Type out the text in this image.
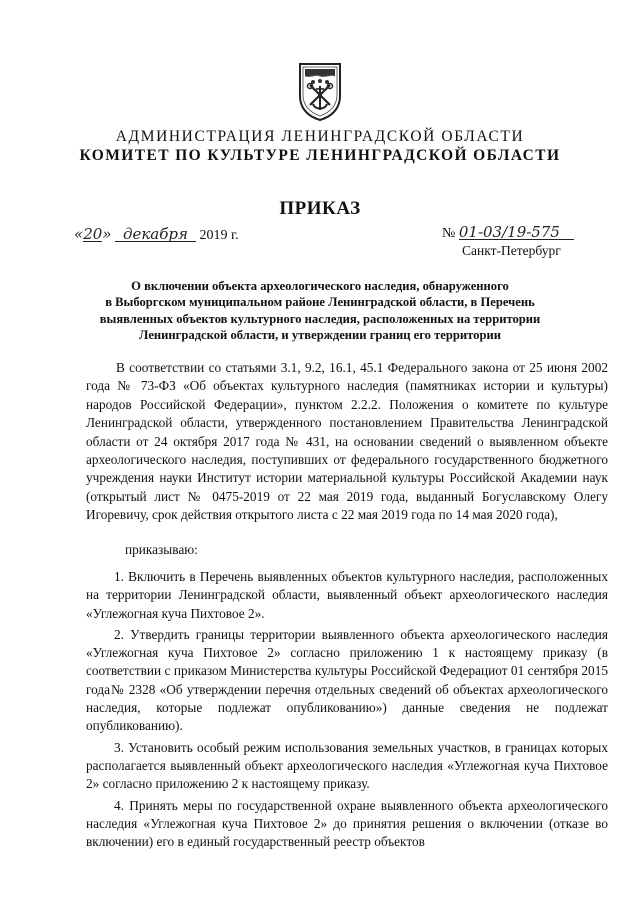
АДМИНИСТРАЦИЯ ЛЕНИНГРАДСКОЙ ОБЛАСТИ
КОМИТЕТ ПО КУЛЬТУРЕ ЛЕНИНГРАДСКОЙ ОБЛАСТИ
ПРИКАЗ
«20» декабря 2019 г.	№ 01-03/19-575
Санкт-Петербург
О включении объекта археологического наследия, обнаруженного
в Выборгском муниципальном районе Ленинградской области, в Перечень
выявленных объектов культурного наследия, расположенных на территории
Ленинградской области, и утверждении границ его территории
В соответствии со статьями 3.1, 9.2, 16.1, 45.1 Федерального закона от 25 июня 2002 года № 73-ФЗ «Об объектах культурного наследия (памятниках истории и культуры) народов Российской Федерации», пунктом 2.2.2. Положения о комитете по культуре Ленинградской области, утвержденного постановлением Правительства Ленинградской области от 24 октября 2017 года № 431, на основании сведений о выявленном объекте археологического наследия, поступивших от федерального государственного бюджетного учреждения науки Институт истории материальной культуры Российской Академии наук (открытый лист № 0475-2019 от 22 мая 2019 года, выданный Богуславскому Олегу Игоревичу, срок действия открытого листа с 22 мая 2019 года по 14 мая 2020 года),
приказываю:
1. Включить в Перечень выявленных объектов культурного наследия, расположенных на территории Ленинградской области, выявленный объект археологического наследия «Углежогная куча Пихтовое 2».
2. Утвердить границы территории выявленного объекта археологического наследия «Углежогная куча Пихтовое 2» согласно приложению 1 к настоящему приказу (в соответствии с приказом Министерства культуры Российской Федерациот 01 сентября 2015 года№ 2328 «Об утверждении перечня отдельных сведений об объектах археологического наследия, которые подлежат опубликованию») данные сведения не подлежат опубликованию).
3. Установить особый режим использования земельных участков, в границах которых располагается выявленный объект археологического наследия «Углежогная куча Пихтовое 2» согласно приложению 2 к настоящему приказу.
4. Принять меры по государственной охране выявленного объекта археологического наследия «Углежогная куча Пихтовое 2» до принятия решения о включении (отказе во включении) его в единый государственный реестр объектов
